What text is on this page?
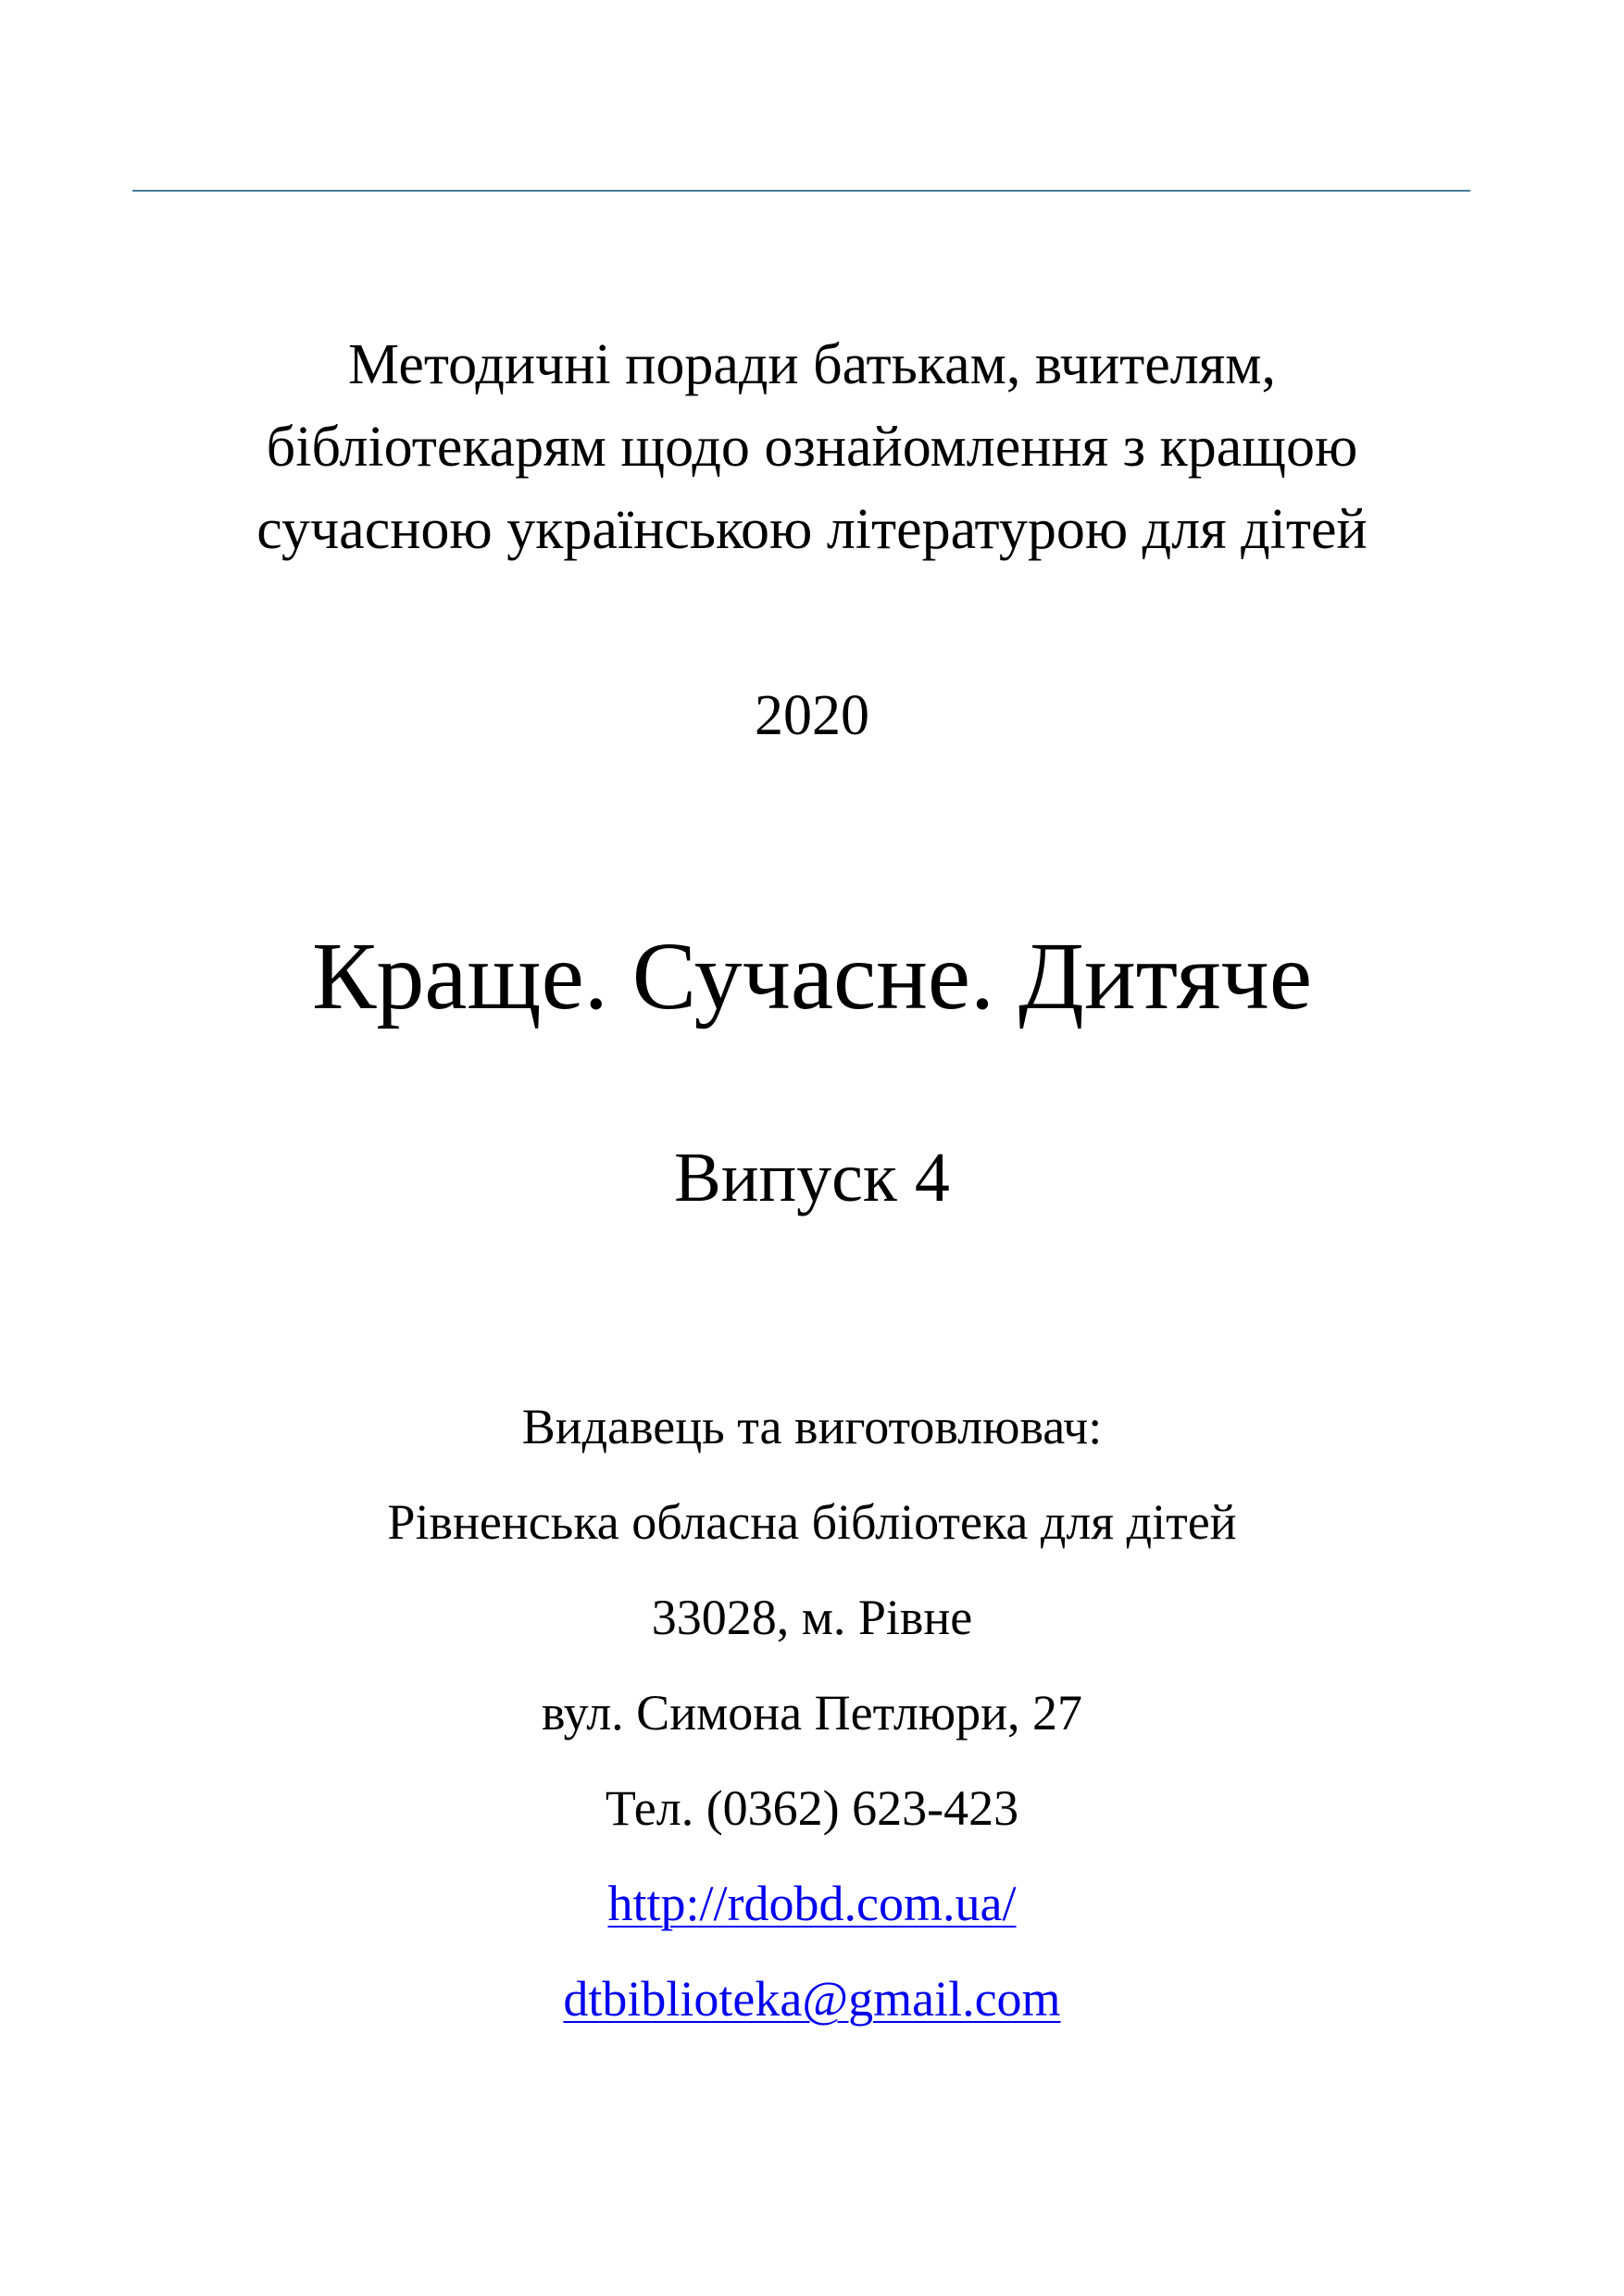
Методичні поради батькам, вчителям,
бібліотекарям щодо ознайомлення з кращою
сучасною українською літературою для дітей
2020
Краще. Сучасне. Дитяче
Випуск 4
Видавець та виготовлювач:
Рівненська обласна бібліотека для дітей
33028, м. Рівне
вул. Симона Петлюри, 27
Тел. (0362) 623-423
http://rdobd.com.ua/
dtbiblioteka@gmail.com
